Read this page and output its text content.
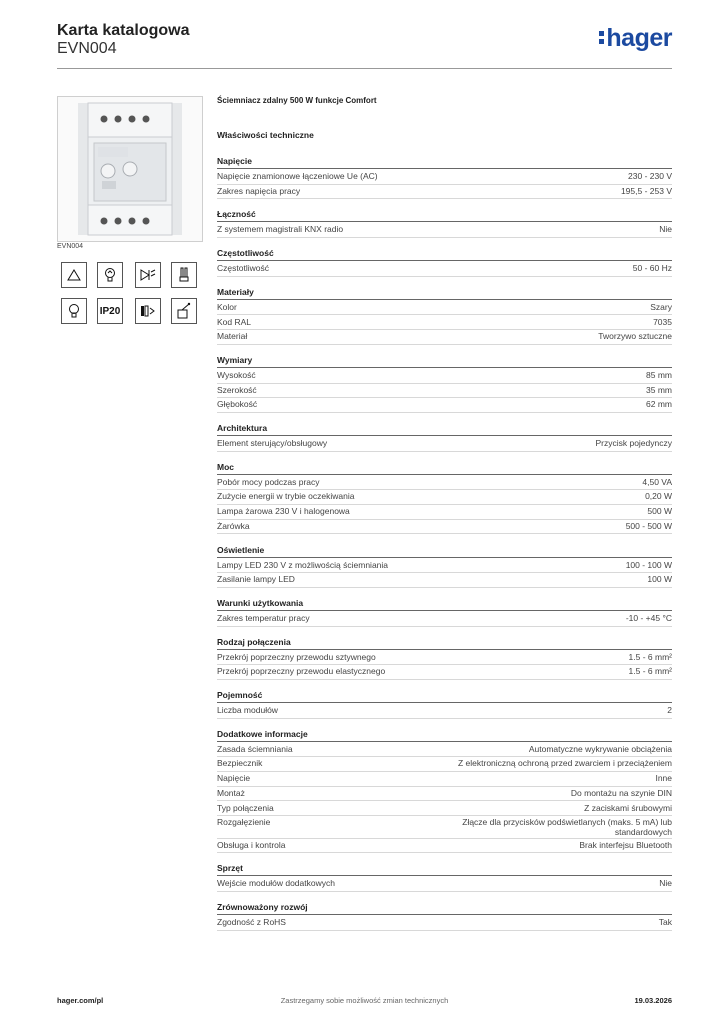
Karta katalogowa
EVN004	hager
EVN004
IP20
Ściemniacz zdalny 500 W funkcje Comfort
Właściwości techniczne
Napięcie
Napięcie znamionowe łączeniowe Ue (AC)	230 - 230 V
Zakres napięcia pracy	195,5 - 253 V
Łączność
Z systemem magistrali KNX radio	Nie
Częstotliwość
Częstotliwość	50 - 60 Hz
Materiały
Kolor	Szary
Kod RAL	7035
Materiał	Tworzywo sztuczne
Wymiary
Wysokość	85 mm
Szerokość	35 mm
Głębokość	62 mm
Architektura
Element sterujący/obsługowy	Przycisk pojedynczy
Moc
Pobór mocy podczas pracy	4,50 VA
Zużycie energii w trybie oczekiwania	0,20 W
Lampa żarowa 230 V i halogenowa	500 W
Żarówka	500 - 500 W
Oświetlenie
Lampy LED 230 V z możliwością ściemniania	100 - 100 W
Zasilanie lampy LED	100 W
Warunki użytkowania
Zakres temperatur pracy	-10 - +45 °C
Rodzaj połączenia
Przekrój poprzeczny przewodu sztywnego	1.5 - 6 mm²
Przekrój poprzeczny przewodu elastycznego	1.5 - 6 mm²
Pojemność
Liczba modułów	2
Dodatkowe informacje
Zasada ściemniania	Automatyczne wykrywanie obciążenia
Bezpiecznik	Z elektroniczną ochroną przed zwarciem i przeciążeniem
Napięcie	Inne
Montaż	Do montażu na szynie DIN
Typ połączenia	Z zaciskami śrubowymi
Rozgałęzienie	Złącze dla przycisków podświetlanych (maks. 5 mA) lub
standardowych
Obsługa i kontrola	Brak interfejsu Bluetooth
Sprzęt
Wejście modułów dodatkowych	Nie
Zrównoważony rozwój
Zgodność z RoHS	Tak
hager.com/pl	Zastrzegamy sobie możliwość zmian technicznych	19.03.2026
